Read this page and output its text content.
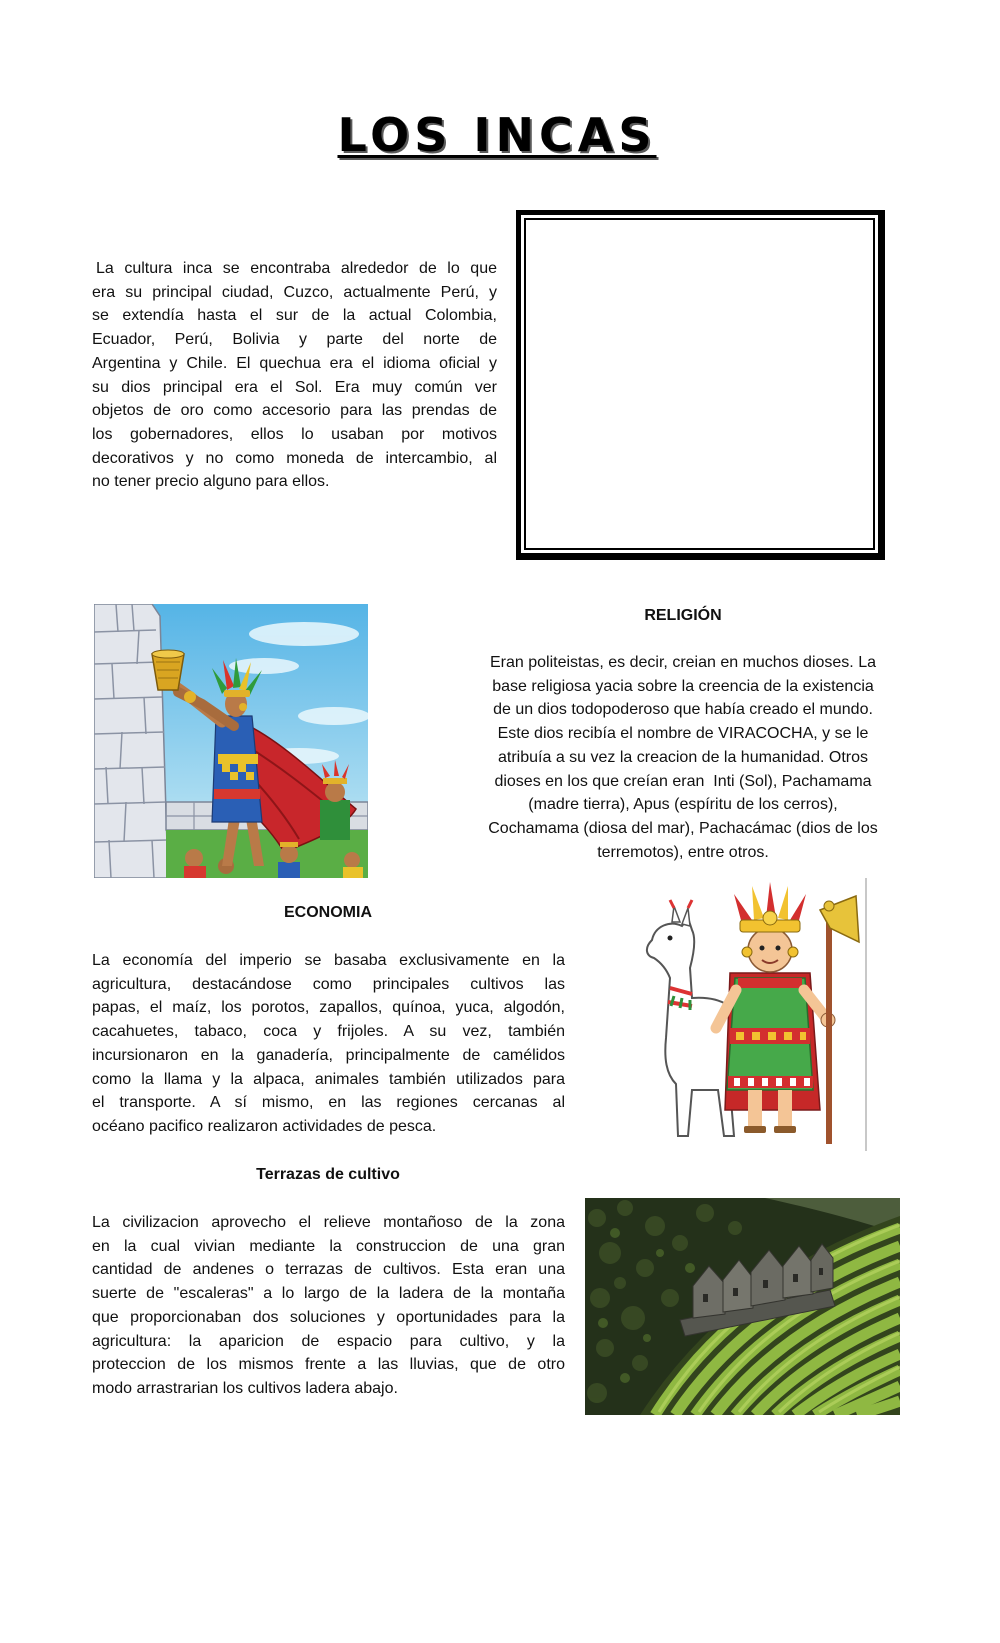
LOS INCAS
La cultura inca se encontraba alrededor de lo que
era su principal ciudad, Cuzco, actualmente Perú, y
se extendía hasta el sur de la actual Colombia,
Ecuador, Perú, Bolivia y parte del norte de
Argentina y Chile. El quechua era el idioma oficial y
su dios principal era el Sol. Era muy común ver
objetos de oro como accesorio para las prendas de
los gobernadores, ellos lo usaban por motivos
decorativos y no como moneda de intercambio, al
no tener precio alguno para ellos.
RELIGIÓN
Eran politeistas, es decir, creian en muchos dioses. La
base religiosa yacia sobre la creencia de la existencia
de un dios todopoderoso que había creado el mundo.
Este dios recibía el nombre de VIRACOCHA, y se le
atribuía a su vez la creacion de la humanidad. Otros
dioses en los que creían eran  Inti (Sol), Pachamama
(madre tierra), Apus (espíritu de los cerros),
Cochamama (diosa del mar), Pachacámac (dios de los
terremotos), entre otros.
ECONOMIA
La economía del imperio se basaba exclusivamente en la
agricultura, destacándose como principales cultivos las
papas, el maíz, los porotos, zapallos, quínoa, yuca, algodón,
cacahuetes, tabaco, coca y frijoles. A su vez, también
incursionaron en la ganadería, principalmente de camélidos
como la llama y la alpaca, animales también utilizados para
el transporte. A sí mismo, en las regiones cercanas al
océano pacifico realizaron actividades de pesca.
Terrazas de cultivo
La civilizacion aprovecho el relieve montañoso de la zona
en la cual vivian mediante la construccion de una gran
cantidad de andenes o terrazas de cultivos. Esta eran una
suerte de "escaleras" a lo largo de la ladera de la montaña
que proporcionaban dos soluciones y oportunidades para la
agricultura: la aparicion de espacio para cultivo, y la
proteccion de los mismos frente a las lluvias, que de otro
modo arrastrarian los cultivos ladera abajo.
